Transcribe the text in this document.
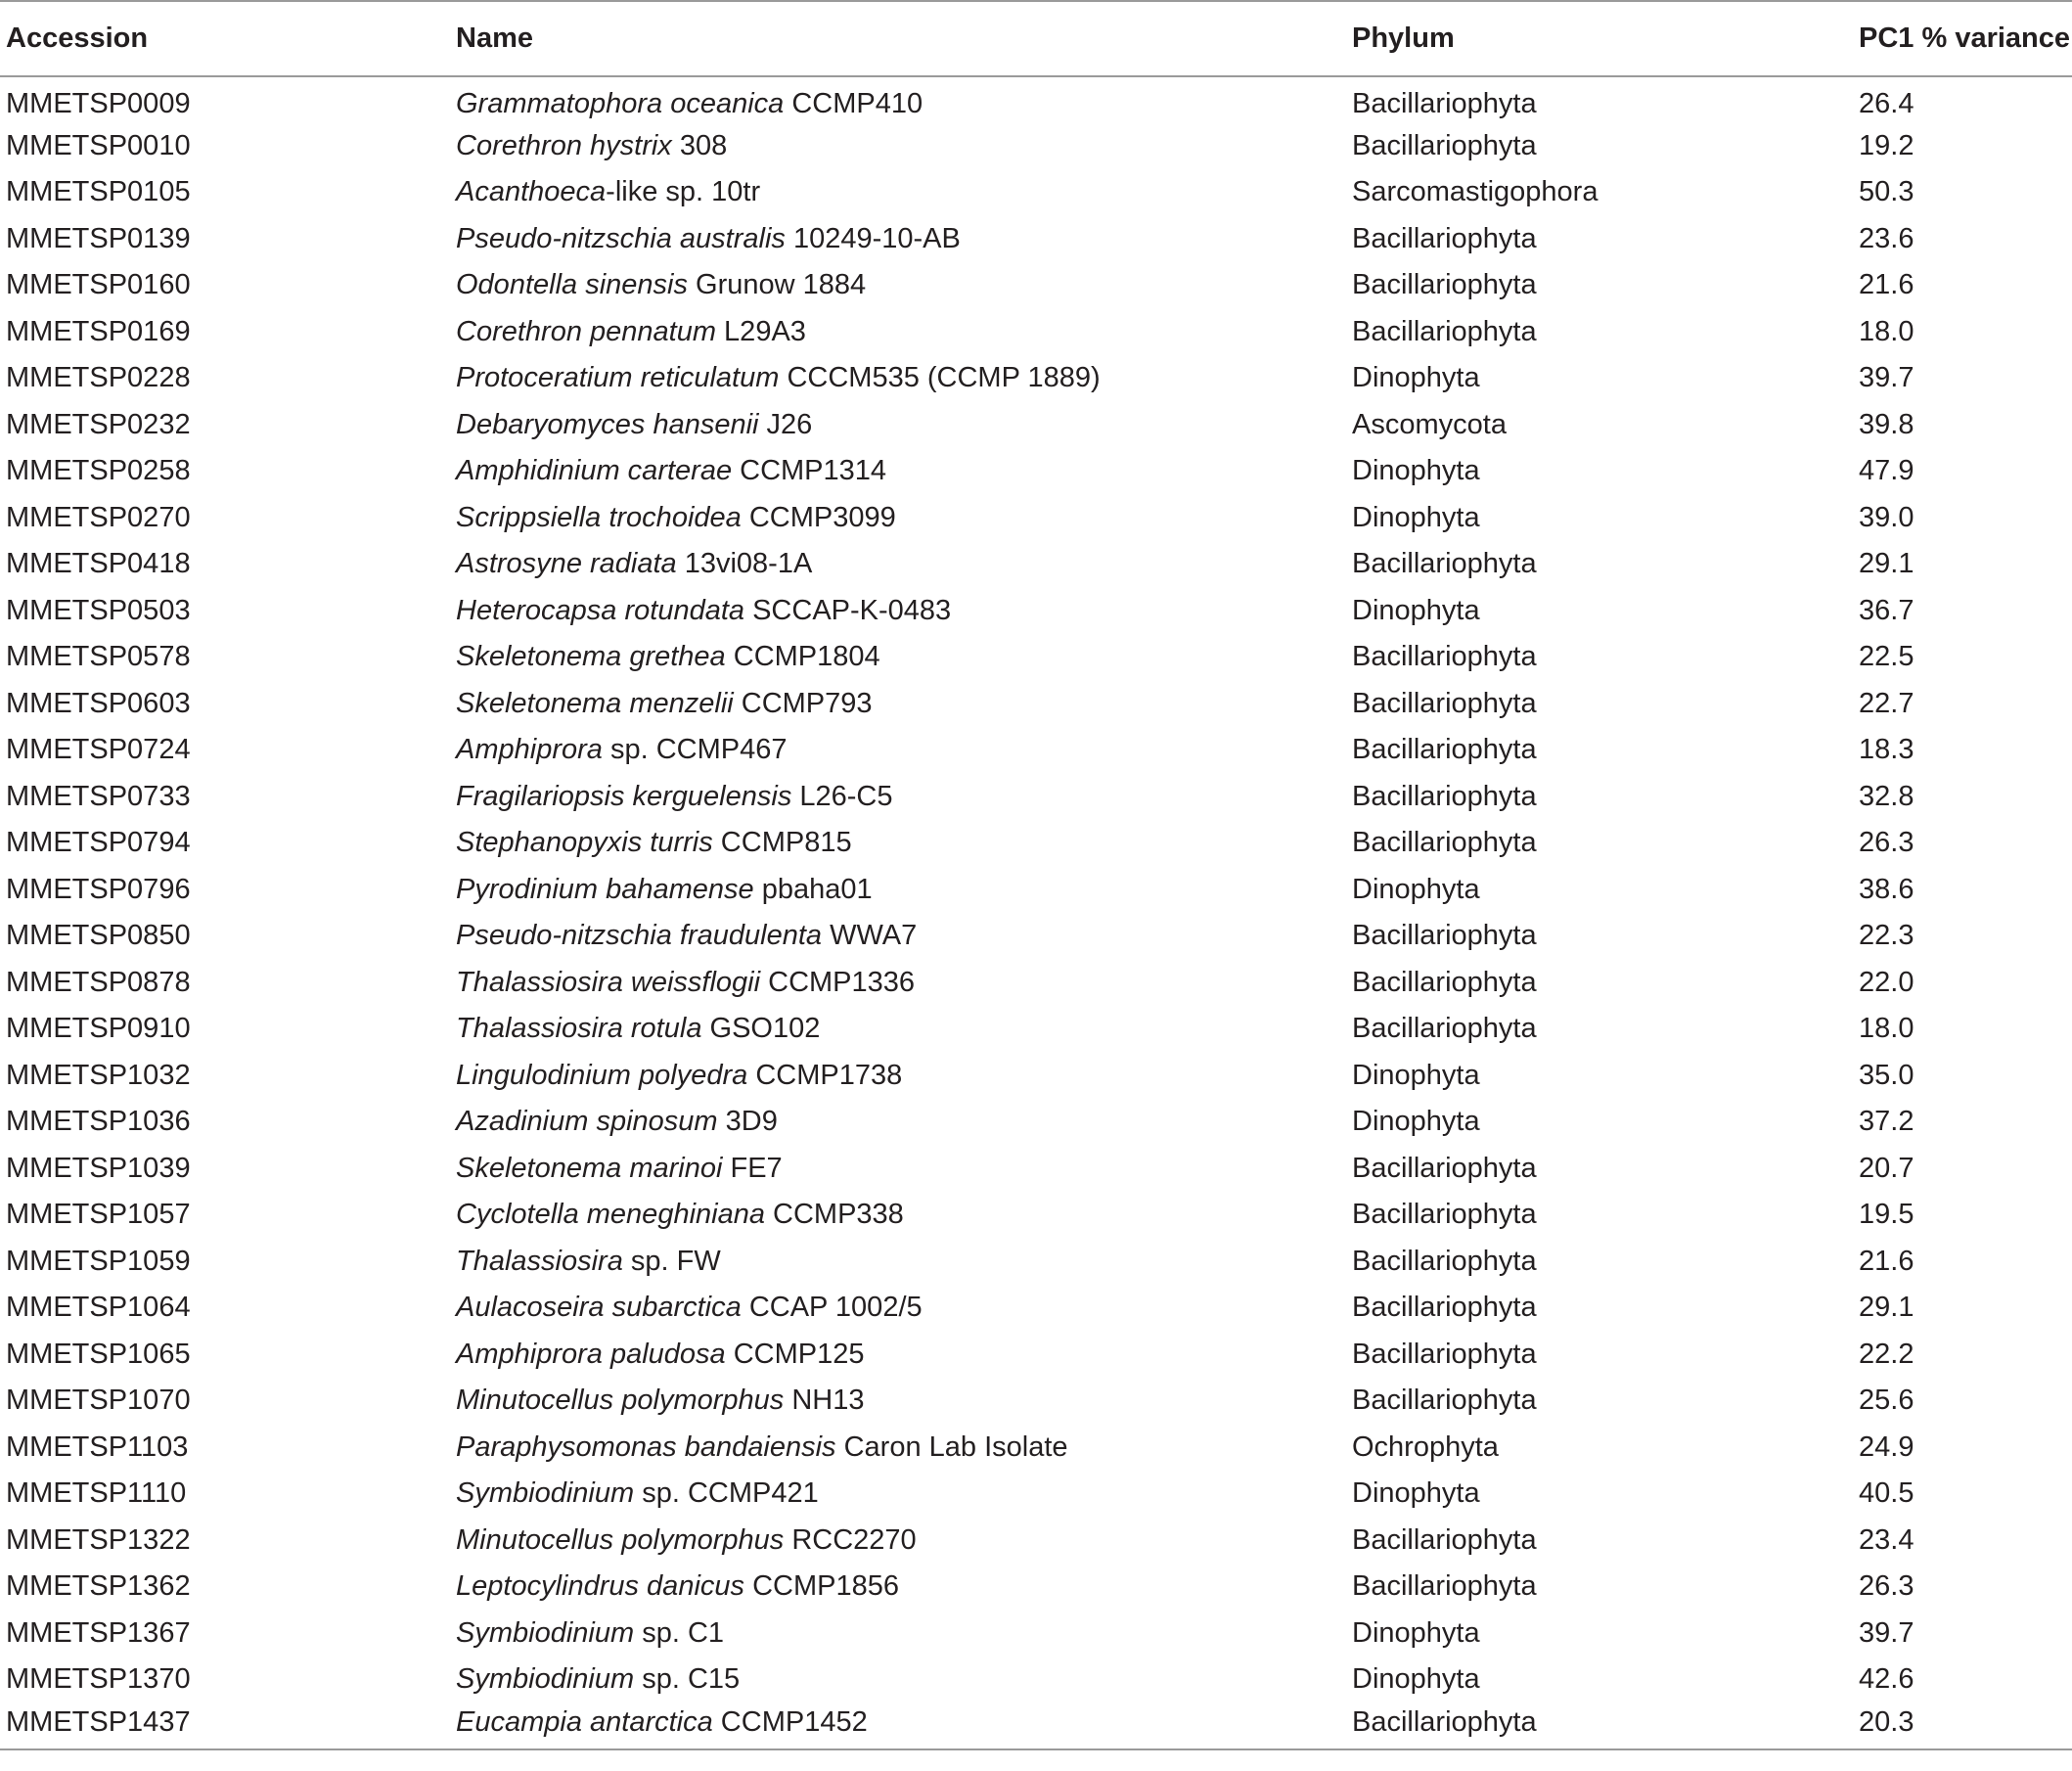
Accession	Name	Phylum	PC1 % variance
MMETSP0009	Grammatophora oceanica CCMP410	Bacillariophyta	26.4
MMETSP0010	Corethron hystrix 308	Bacillariophyta	19.2
MMETSP0105	Acanthoeca-like sp. 10tr	Sarcomastigophora	50.3
MMETSP0139	Pseudo-nitzschia australis 10249-10-AB	Bacillariophyta	23.6
MMETSP0160	Odontella sinensis Grunow 1884	Bacillariophyta	21.6
MMETSP0169	Corethron pennatum L29A3	Bacillariophyta	18.0
MMETSP0228	Protoceratium reticulatum CCCM535 (CCMP 1889)	Dinophyta	39.7
MMETSP0232	Debaryomyces hansenii J26	Ascomycota	39.8
MMETSP0258	Amphidinium carterae CCMP1314	Dinophyta	47.9
MMETSP0270	Scrippsiella trochoidea CCMP3099	Dinophyta	39.0
MMETSP0418	Astrosyne radiata 13vi08-1A	Bacillariophyta	29.1
MMETSP0503	Heterocapsa rotundata SCCAP-K-0483	Dinophyta	36.7
MMETSP0578	Skeletonema grethea CCMP1804	Bacillariophyta	22.5
MMETSP0603	Skeletonema menzelii CCMP793	Bacillariophyta	22.7
MMETSP0724	Amphiprora sp. CCMP467	Bacillariophyta	18.3
MMETSP0733	Fragilariopsis kerguelensis L26-C5	Bacillariophyta	32.8
MMETSP0794	Stephanopyxis turris CCMP815	Bacillariophyta	26.3
MMETSP0796	Pyrodinium bahamense pbaha01	Dinophyta	38.6
MMETSP0850	Pseudo-nitzschia fraudulenta WWA7	Bacillariophyta	22.3
MMETSP0878	Thalassiosira weissflogii CCMP1336	Bacillariophyta	22.0
MMETSP0910	Thalassiosira rotula GSO102	Bacillariophyta	18.0
MMETSP1032	Lingulodinium polyedra CCMP1738	Dinophyta	35.0
MMETSP1036	Azadinium spinosum 3D9	Dinophyta	37.2
MMETSP1039	Skeletonema marinoi FE7	Bacillariophyta	20.7
MMETSP1057	Cyclotella meneghiniana CCMP338	Bacillariophyta	19.5
MMETSP1059	Thalassiosira sp. FW	Bacillariophyta	21.6
MMETSP1064	Aulacoseira subarctica CCAP 1002/5	Bacillariophyta	29.1
MMETSP1065	Amphiprora paludosa CCMP125	Bacillariophyta	22.2
MMETSP1070	Minutocellus polymorphus NH13	Bacillariophyta	25.6
MMETSP1103	Paraphysomonas bandaiensis Caron Lab Isolate	Ochrophyta	24.9
MMETSP1110	Symbiodinium sp. CCMP421	Dinophyta	40.5
MMETSP1322	Minutocellus polymorphus RCC2270	Bacillariophyta	23.4
MMETSP1362	Leptocylindrus danicus CCMP1856	Bacillariophyta	26.3
MMETSP1367	Symbiodinium sp. C1	Dinophyta	39.7
MMETSP1370	Symbiodinium sp. C15	Dinophyta	42.6
MMETSP1437	Eucampia antarctica CCMP1452	Bacillariophyta	20.3
